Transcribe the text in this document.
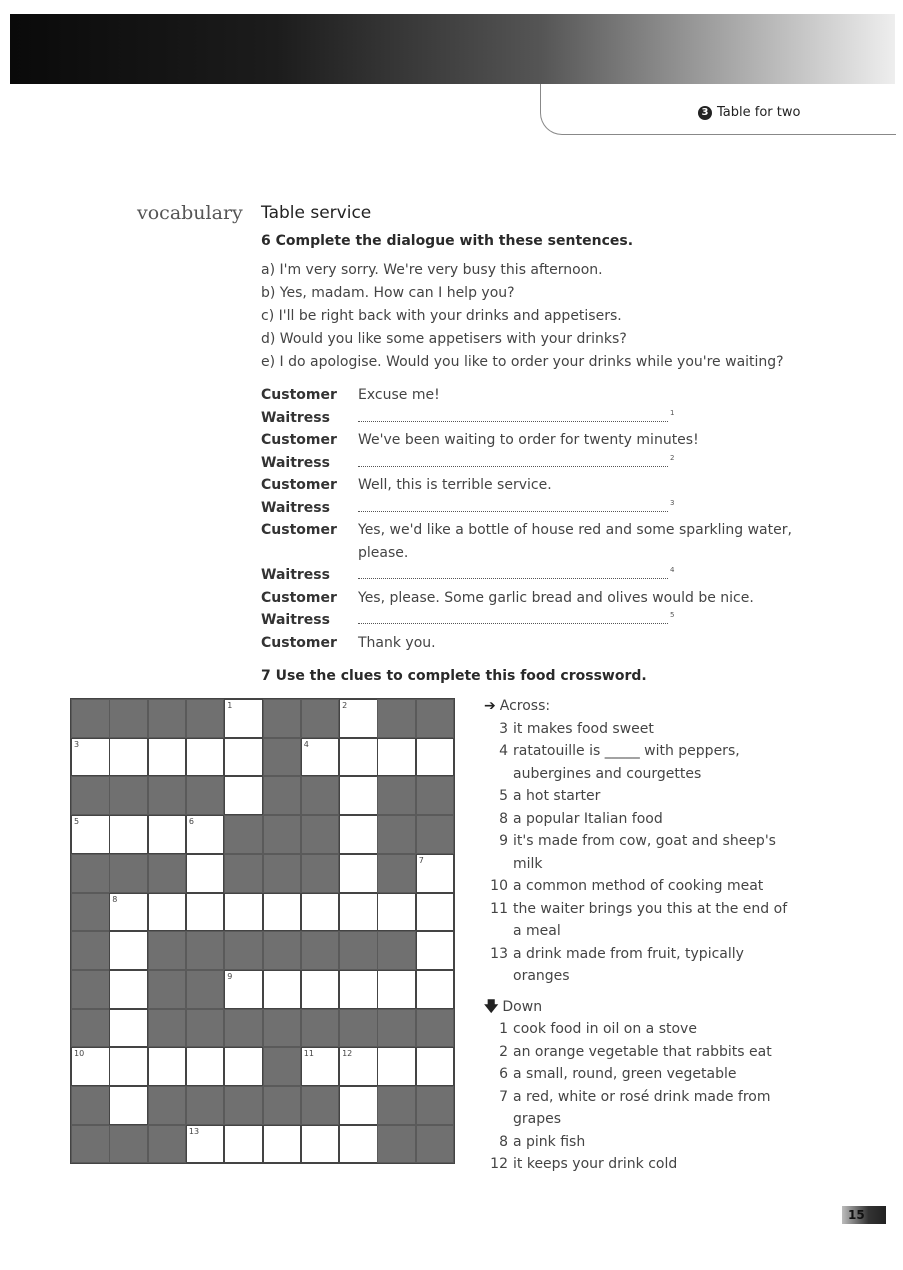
3 Table for two
vocabulary Table service
6 Complete the dialogue with these sentences.
a) I'm very sorry. We're very busy this afternoon.
b) Yes, madam. How can I help you?
c) I'll be right back with your drinks and appetisers.
d) Would you like some appetisers with your drinks?
e) I do apologise. Would you like to order your drinks while you're waiting?
Customer	Excuse me!
Waitress	1
Customer	We've been waiting to order for twenty minutes!
Waitress	2
Customer	Well, this is terrible service.
Waitress	3
Customer	Yes, we'd like a bottle of house red and some sparkling water, please.
Waitress	4
Customer	Yes, please. Some garlic bread and olives would be nice.
Waitress	5
Customer	Thank you.
7 Use the clues to complete this food crossword.
1	2
3	4
5	6
7
8
9
10	11	12
13
➔ Across:
3 it makes food sweet
4 ratatouille is _____ with peppers, aubergines and courgettes
5 a hot starter
8 a popular Italian food
9 it's made from cow, goat and sheep's milk
10 a common method of cooking meat
11 the waiter brings you this at the end of a meal
13 a drink made from fruit, typically oranges
🡇 Down
1 cook food in oil on a stove
2 an orange vegetable that rabbits eat
6 a small, round, green vegetable
7 a red, white or rosé drink made from grapes
8 a pink fish
12 it keeps your drink cold
15
